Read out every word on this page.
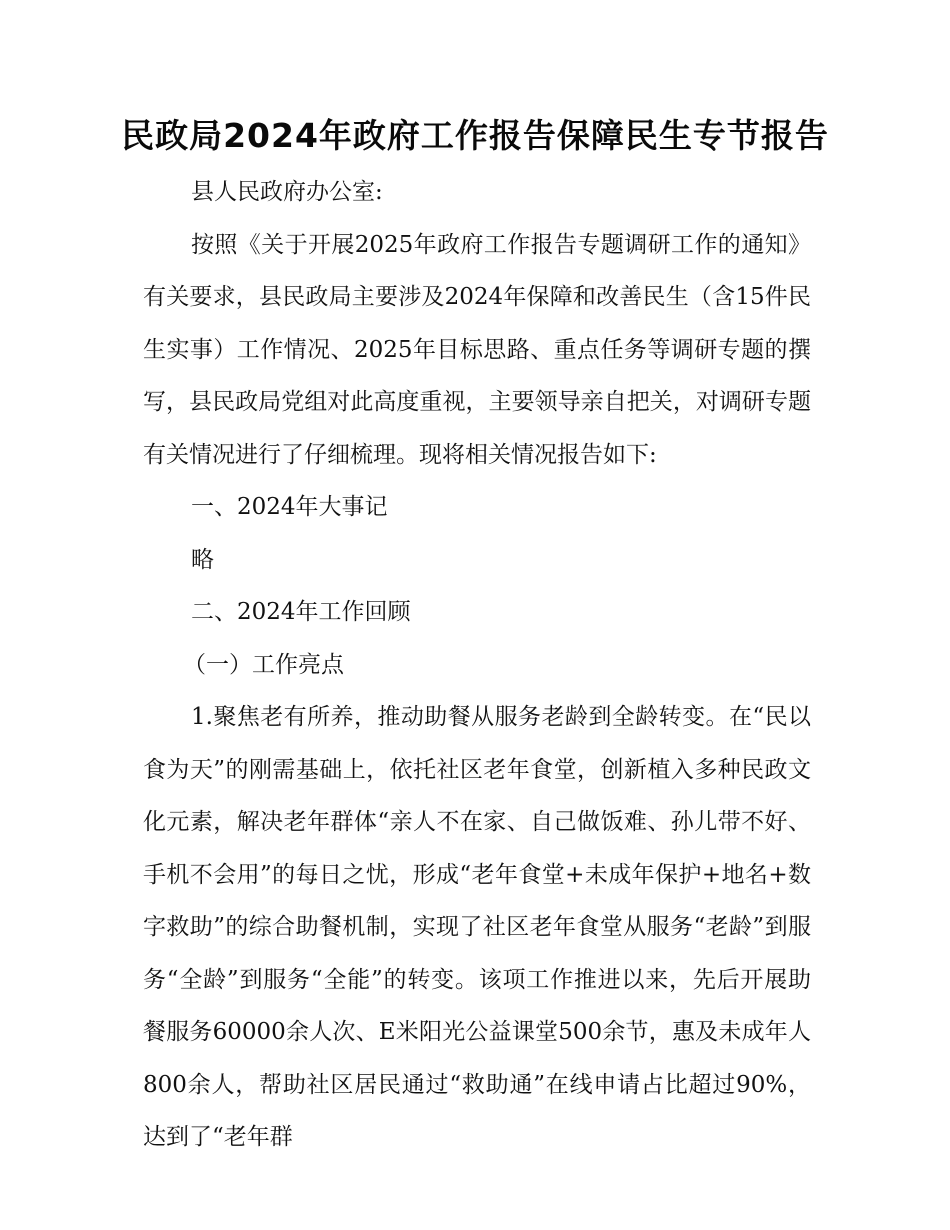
民政局2024年政府工作报告保障民生专节报告

县人民政府办公室:

按照《关于开展2025年政府工作报告专题调研工作的通知》有关要求，县民政局主要涉及2024年保障和改善民生（含15件民生实事）工作情况、2025年目标思路、重点任务等调研专题的撰写，县民政局党组对此高度重视，主要领导亲自把关，对调研专题有关情况进行了仔细梳理。现将相关情况报告如下:

一、2024年大事记

略

二、2024年工作回顾

（一）工作亮点

1.聚焦老有所养，推动助餐从服务老龄到全龄转变。在“民以食为天”的刚需基础上，依托社区老年食堂，创新植入多种民政文化元素，解决老年群体“亲人不在家、自己做饭难、孙儿带不好、手机不会用”的每日之忧，形成“老年食堂+未成年保护+地名+数字救助”的综合助餐机制，实现了社区老年食堂从服务“老龄”到服务“全龄”到服务“全能”的转变。该项工作推进以来，先后开展助餐服务60000余人次、E米阳光公益课堂500余节，惠及未成年人800余人，帮助社区居民通过“救助通”在线申请占比超过90%，达到了“老年群
